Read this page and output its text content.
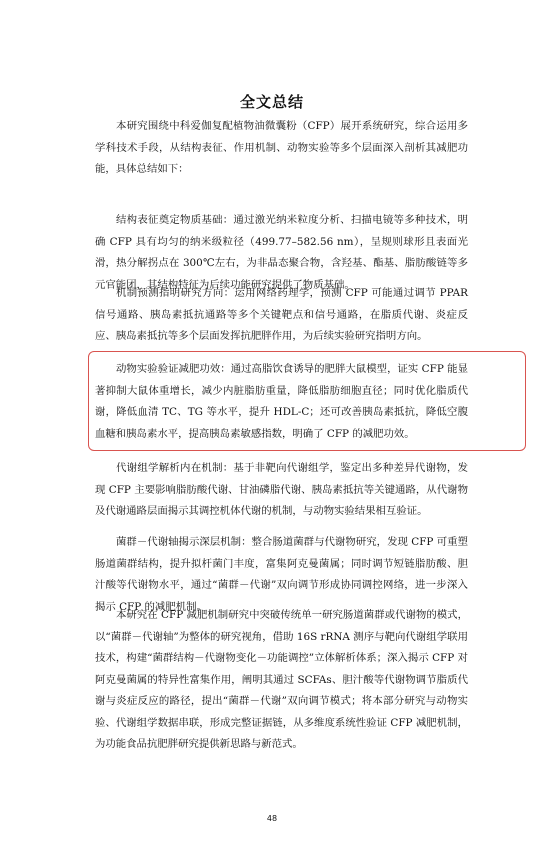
全文总结
本研究围绕中科爱伽复配植物油微囊粉（CFP）展开系统研究，综合运用多学科技术手段，从结构表征、作用机制、动物实验等多个层面深入剖析其减肥功能，具体总结如下：
结构表征奠定物质基础：通过激光纳米粒度分析、扫描电镜等多种技术，明确 CFP 具有均匀的纳米级粒径（499.77–582.56 nm），呈规则球形且表面光滑，热分解拐点在 300℃左右，为非晶态聚合物，含羟基、酯基、脂肪酸链等多元官能团，其结构特征为后续功能研究提供了物质基础。
机制预测指明研究方向：运用网络药理学，预测 CFP 可能通过调节 PPAR 信号通路、胰岛素抵抗通路等多个关键靶点和信号通路，在脂质代谢、炎症反应、胰岛素抵抗等多个层面发挥抗肥胖作用，为后续实验研究指明方向。
动物实验验证减肥功效：通过高脂饮食诱导的肥胖大鼠模型，证实 CFP 能显著抑制大鼠体重增长，减少内脏脂肪重量，降低脂肪细胞直径；同时优化脂质代谢，降低血清 TC、TG 等水平，提升 HDL-C；还可改善胰岛素抵抗，降低空腹血糖和胰岛素水平，提高胰岛素敏感指数，明确了 CFP 的减肥功效。
代谢组学解析内在机制：基于非靶向代谢组学，鉴定出多种差异代谢物，发现 CFP 主要影响脂肪酸代谢、甘油磷脂代谢、胰岛素抵抗等关键通路，从代谢物及代谢通路层面揭示其调控机体代谢的机制，与动物实验结果相互验证。
菌群－代谢轴揭示深层机制：整合肠道菌群与代谢物研究，发现 CFP 可重塑肠道菌群结构，提升拟杆菌门丰度，富集阿克曼菌属；同时调节短链脂肪酸、胆汁酸等代谢物水平，通过“菌群－代谢”双向调节形成协同调控网络，进一步深入揭示 CFP 的减肥机制。
本研究在 CFP 减肥机制研究中突破传统单一研究肠道菌群或代谢物的模式，以“菌群－代谢轴”为整体的研究视角，借助 16S rRNA 测序与靶向代谢组学联用技术，构建“菌群结构－代谢物变化－功能调控”立体解析体系；深入揭示 CFP 对阿克曼菌属的特异性富集作用，阐明其通过 SCFAs、胆汁酸等代谢物调节脂质代谢与炎症反应的路径，提出“菌群－代谢”双向调节模式；将本部分研究与动物实验、代谢组学数据串联，形成完整证据链，从多维度系统性验证 CFP 减肥机制，为功能食品抗肥胖研究提供新思路与新范式。
48
